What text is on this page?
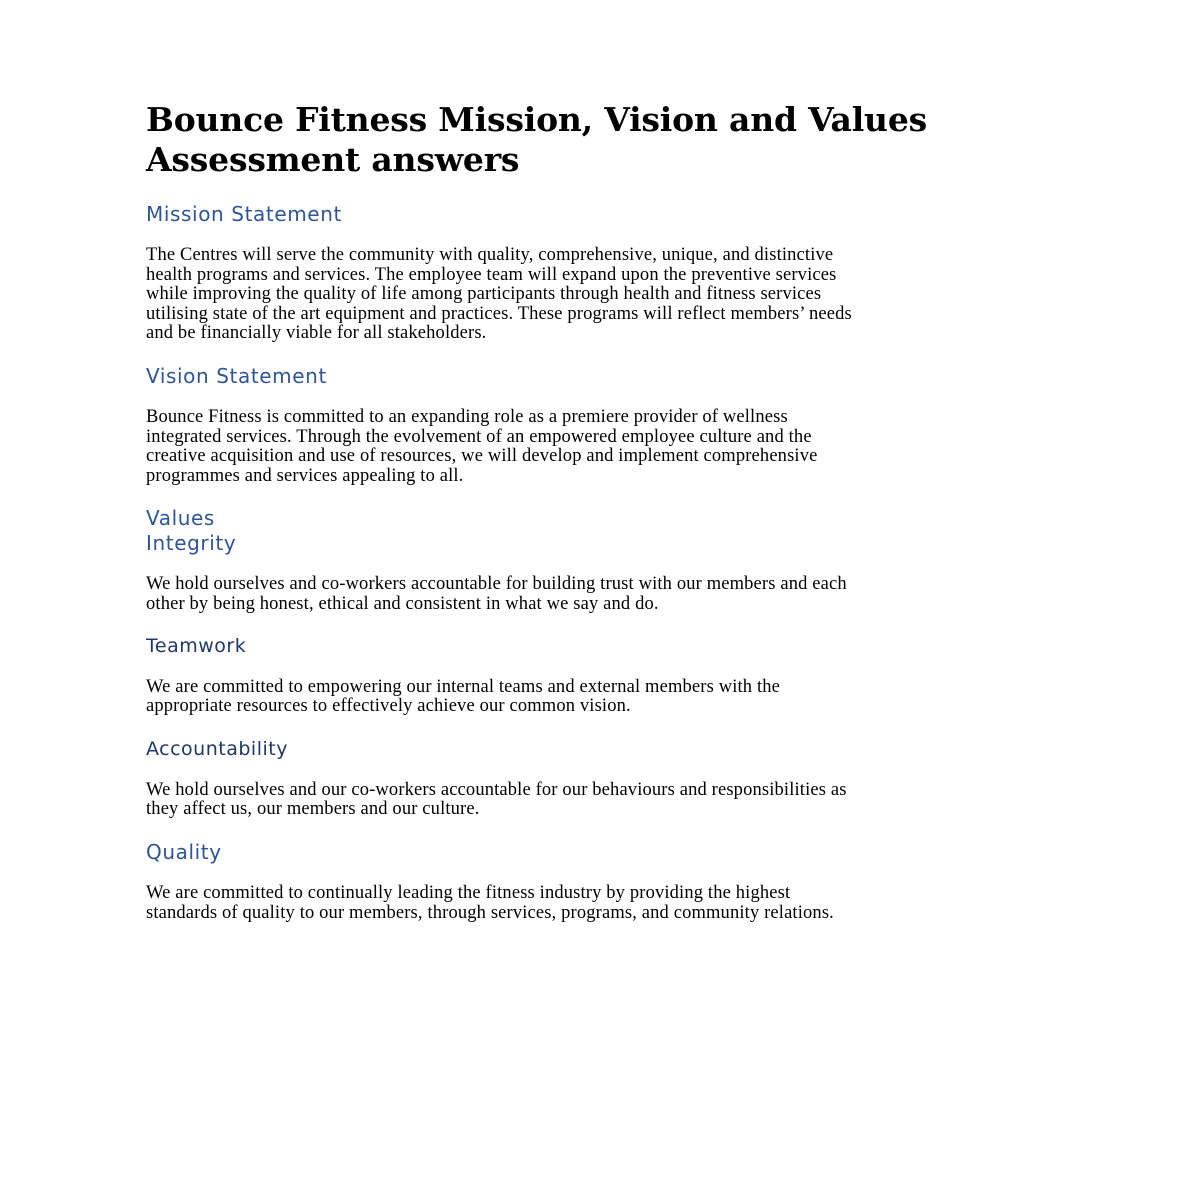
Bounce Fitness Mission, Vision and Values
Assessment answers
Mission Statement

The Centres will serve the community with quality, comprehensive, unique, and distinctive
health programs and services. The employee team will expand upon the preventive services
while improving the quality of life among participants through health and fitness services
utilising state of the art equipment and practices. These programs will reflect members’ needs
and be financially viable for all stakeholders.

Vision Statement

Bounce Fitness is committed to an expanding role as a premiere provider of wellness
integrated services. Through the evolvement of an empowered employee culture and the
creative acquisition and use of resources, we will develop and implement comprehensive
programmes and services appealing to all.

Values
Integrity

We hold ourselves and co-workers accountable for building trust with our members and each
other by being honest, ethical and consistent in what we say and do.

Teamwork

We are committed to empowering our internal teams and external members with the
appropriate resources to effectively achieve our common vision.

Accountability

We hold ourselves and our co-workers accountable for our behaviours and responsibilities as
they affect us, our members and our culture.

Quality

We are committed to continually leading the fitness industry by providing the highest
standards of quality to our members, through services, programs, and community relations.
